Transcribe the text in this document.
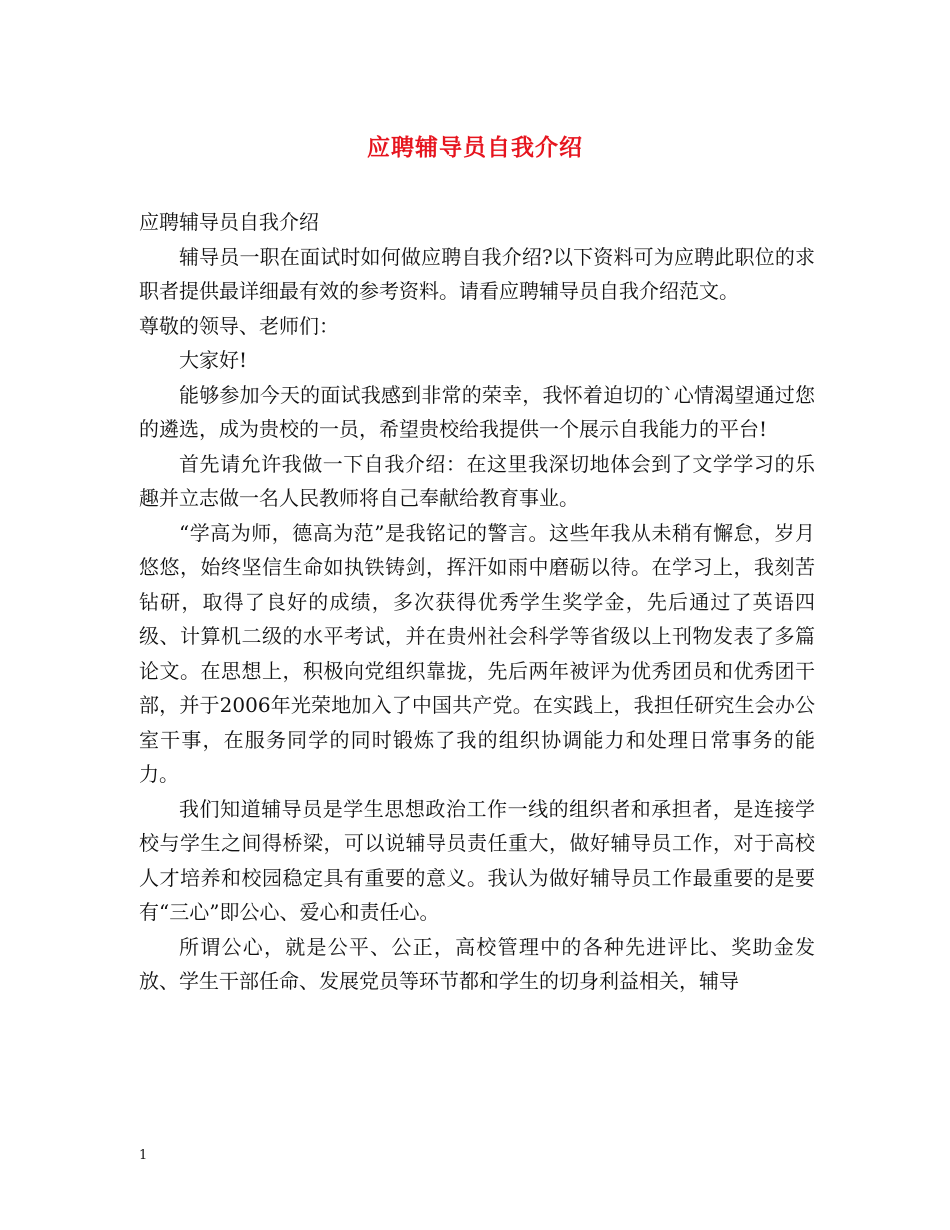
应聘辅导员自我介绍

应聘辅导员自我介绍

辅导员一职在面试时如何做应聘自我介绍?以下资料可为应聘此职位的求职者提供最详细最有效的参考资料。请看应聘辅导员自我介绍范文。

尊敬的领导、老师们：

大家好!

能够参加今天的面试我感到非常的荣幸，我怀着迫切的`心情渴望通过您的遴选，成为贵校的一员，希望贵校给我提供一个展示自我能力的平台!

首先请允许我做一下自我介绍：在这里我深切地体会到了文学学习的乐趣并立志做一名人民教师将自己奉献给教育事业。

“学高为师，德高为范”是我铭记的警言。这些年我从未稍有懈怠，岁月悠悠，始终坚信生命如执铁铸剑，挥汗如雨中磨砺以待。在学习上，我刻苦钻研，取得了良好的成绩，多次获得优秀学生奖学金，先后通过了英语四级、计算机二级的水平考试，并在贵州社会科学等省级以上刊物发表了多篇论文。在思想上，积极向党组织靠拢，先后两年被评为优秀团员和优秀团干部，并于2006年光荣地加入了中国共产党。在实践上，我担任研究生会办公室干事，在服务同学的同时锻炼了我的组织协调能力和处理日常事务的能力。

我们知道辅导员是学生思想政治工作一线的组织者和承担者，是连接学校与学生之间得桥梁，可以说辅导员责任重大，做好辅导员工作，对于高校人才培养和校园稳定具有重要的意义。我认为做好辅导员工作最重要的是要有“三心”即公心、爱心和责任心。

所谓公心，就是公平、公正，高校管理中的各种先进评比、奖助金发放、学生干部任命、发展党员等环节都和学生的切身利益相关，辅导

1
